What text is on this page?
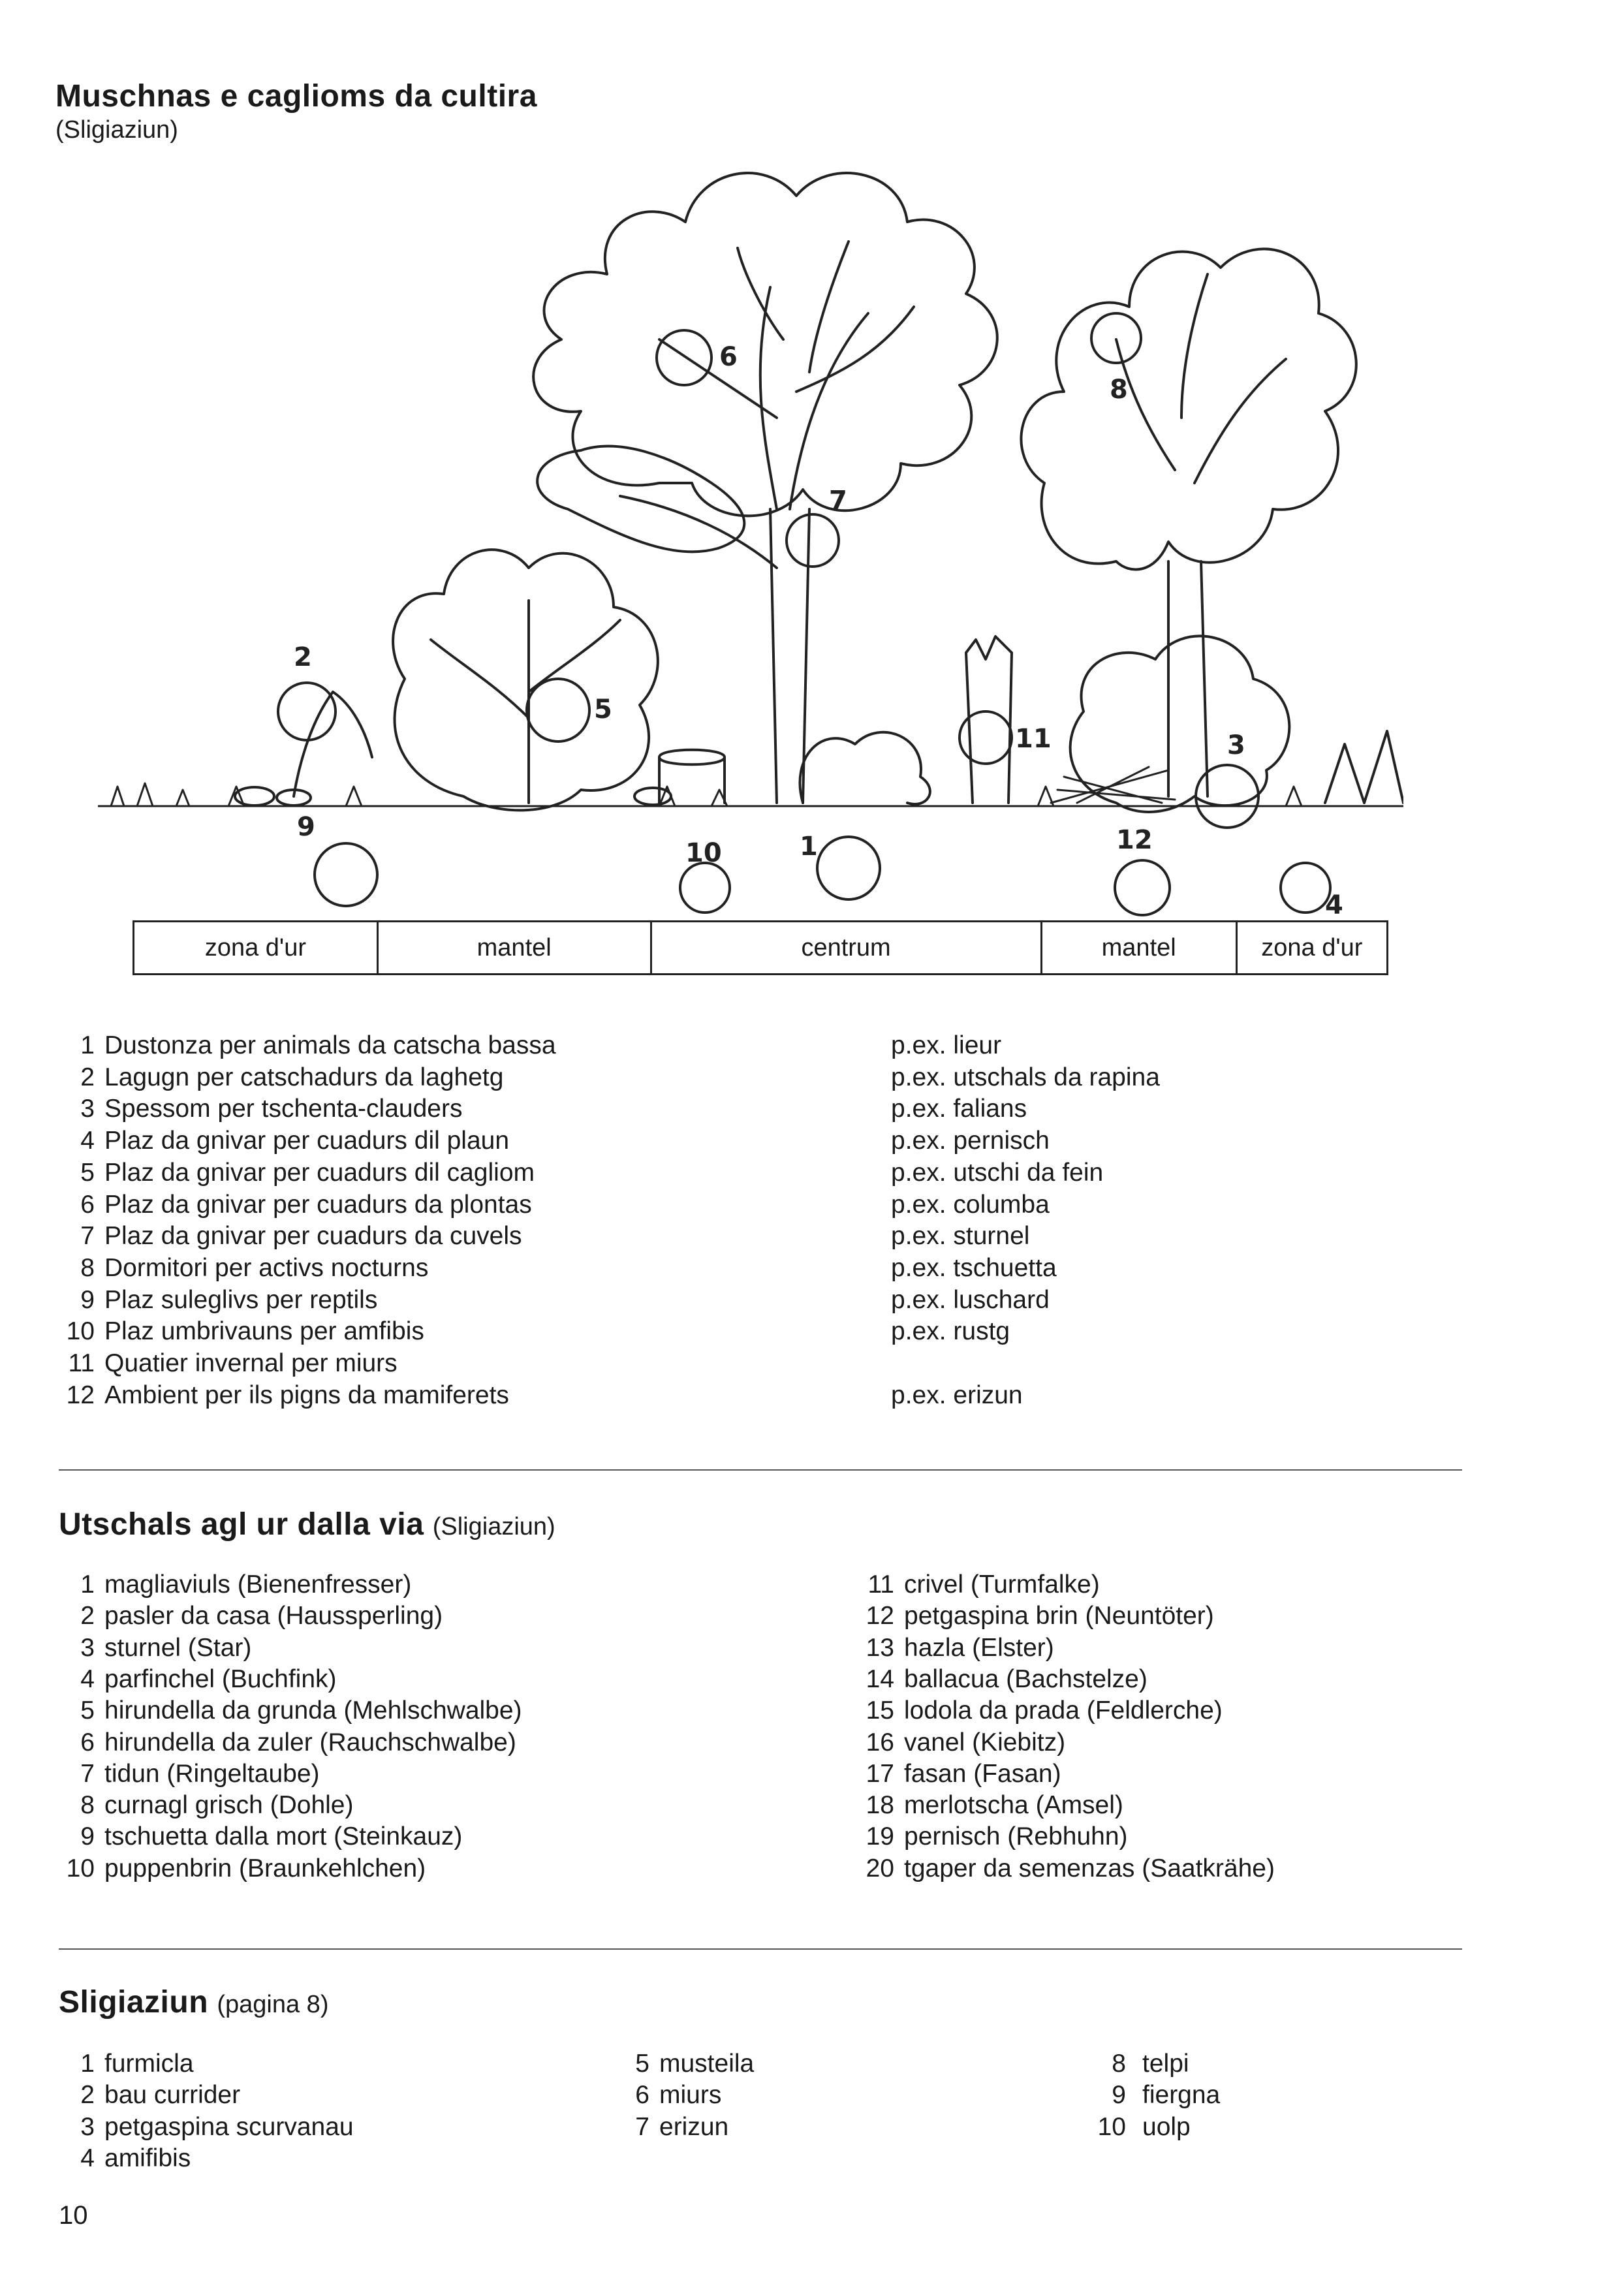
Muschnas e caglioms da cultira
(Sligiaziun)
6
7
8
2
5
11	3
1
9
10	12
4
zona d'ur	mantel	centrum	mantel	zona d'ur
1 Dustonza per animals da catscha bassa	p.ex. lieur
2 Lagugn per catschadurs da laghetg	p.ex. utschals da rapina
3 Spessom per tschenta-clauders	p.ex. falians
4 Plaz da gnivar per cuadurs dil plaun	p.ex. pernisch
5 Plaz da gnivar per cuadurs dil cagliom	p.ex. utschi da fein
6 Plaz da gnivar per cuadurs da plontas	p.ex. columba
7 Plaz da gnivar per cuadurs da cuvels	p.ex. sturnel
8 Dormitori per activs nocturns	p.ex. tschuetta
9 Plaz suleglivs per reptils	p.ex. luschard
10 Plaz umbrivauns per amfibis	p.ex. rustg
11 Quatier invernal per miurs
12 Ambient per ils pigns da mamiferets	p.ex. erizun
Utschals agl ur dalla via (Sligiaziun)
1 magliaviuls (Bienenfresser)
2 pasler da casa (Haussperling)
3 sturnel (Star)
4 parfinchel (Buchfink)
5 hirundella da grunda (Mehlschwalbe)
6 hirundella da zuler (Rauchschwalbe)
7 tidun (Ringeltaube)
8 curnagl grisch (Dohle)
9 tschuetta dalla mort (Steinkauz)
10 puppenbrin (Braunkehlchen)
11 crivel (Turmfalke)
12 petgaspina brin (Neuntöter)
13 hazla (Elster)
14 ballacua (Bachstelze)
15 lodola da prada (Feldlerche)
16 vanel (Kiebitz)
17 fasan (Fasan)
18 merlotscha (Amsel)
19 pernisch (Rebhuhn)
20 tgaper da semenzas (Saatkrähe)
Sligiaziun (pagina 8)
1 furmicla
2 bau currider
3 petgaspina scurvanau
4 amifibis
5 musteila
6 miurs
7 erizun
8 telpi
9 fiergna
10 uolp
10
